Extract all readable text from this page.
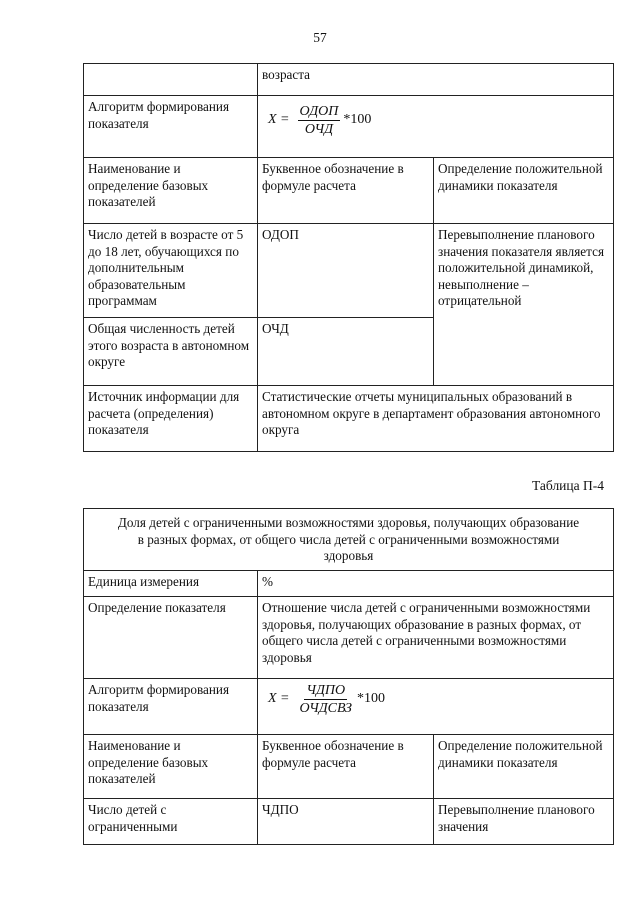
57
	возраста	
Алгоритм формирования показателя	$X = \frac{\text{ОДОП}}{\text{ОЧД}} *100$	

Наименование и определение базовых показателей	Буквенное обозначение в формуле расчета	Определение положительной динамики показателя
Число детей в возрасте от 5 до 18 лет, обучающихся по дополнительным образовательным программам	ОДОП	Перевыполнение планового значения показателя является положительной динамикой, невыполнение – отрицательной
Общая численность детей этого возраста в автономном округе	ОЧД	
Источник информации для расчета (определения) показателя	Статистические отчеты муниципальных образований в автономном округе в департамент образования автономного округа	
Таблица П-4
Доля детей с ограниченными возможностями здоровья, получающих образование в разных формах, от общего числа детей с ограниченными возможностями здоровья		
Единица измерения	%	
Определение показателя	Отношение числа детей с ограниченными возможностями здоровья, получающих образование в разных формах, от общего числа детей с ограниченными возможностями здоровья	
Алгоритм формирования показателя	$X = \frac{\text{ЧДПО}}{\text{ОЧДСВЗ}} *100$	

Наименование и определение базовых показателей	Буквенное обозначение в формуле расчета	Определение положительной динамики показателя
Число детей с ограниченными	ЧДПО	Перевыполнение планового значения
